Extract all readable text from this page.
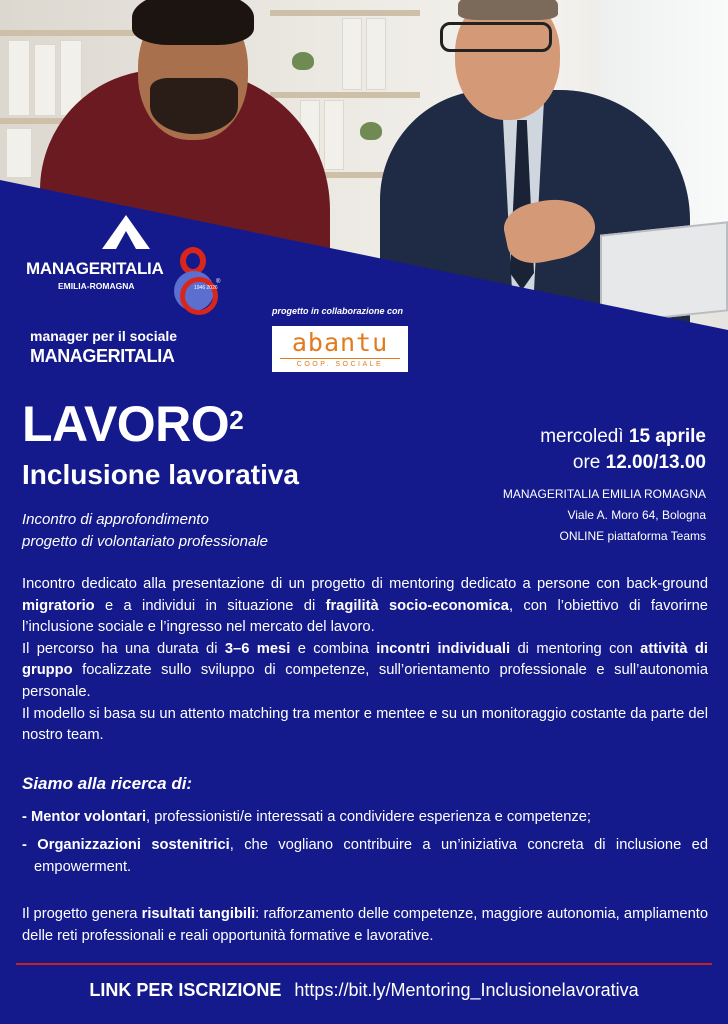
MANAGERITALIA
EMILIA-ROMAGNA	1946 2026
®
manager per il sociale
MANAGERITALIA
progetto in collaborazione con
abantu
COOP. SOCIALE
LAVORO$^2$
Inclusione lavorativa
Incontro di approfondimento
progetto di volontariato professionale
mercoledì 15 aprile
ore 12.00/13.00
MANAGERITALIA EMILIA ROMAGNA
Viale A. Moro 64, Bologna
ONLINE piattaforma Teams

Incontro dedicato alla presentazione di un progetto di mentoring dedicato a persone con back-ground migratorio e a individui in situazione di fragilità socio-economica, con l’obiettivo di favorirne l’inclusione sociale e l’ingresso nel mercato del lavoro.

Il percorso ha una durata di 3–6 mesi e combina incontri individuali di mentoring con attività di gruppo focalizzate sullo sviluppo di competenze, sull’orientamento professionale e sull’autonomia personale.

Il modello si basa su un attento matching tra mentor e mentee e su un monitoraggio costante da parte del nostro team.

Siamo alla ricerca di:
- Mentor volontari, professionisti/e interessati a condividere esperienza e competenze;
- Organizzazioni sostenitrici, che vogliano contribuire a un’iniziativa concreta di inclusione ed empowerment.
Il progetto genera risultati tangibili: rafforzamento delle competenze, maggiore autonomia, ampliamento delle reti professionali e reali opportunità formative e lavorative.
LINK PER ISCRIZIONE https://bit.ly/Mentoring_Inclusionelavorativa
